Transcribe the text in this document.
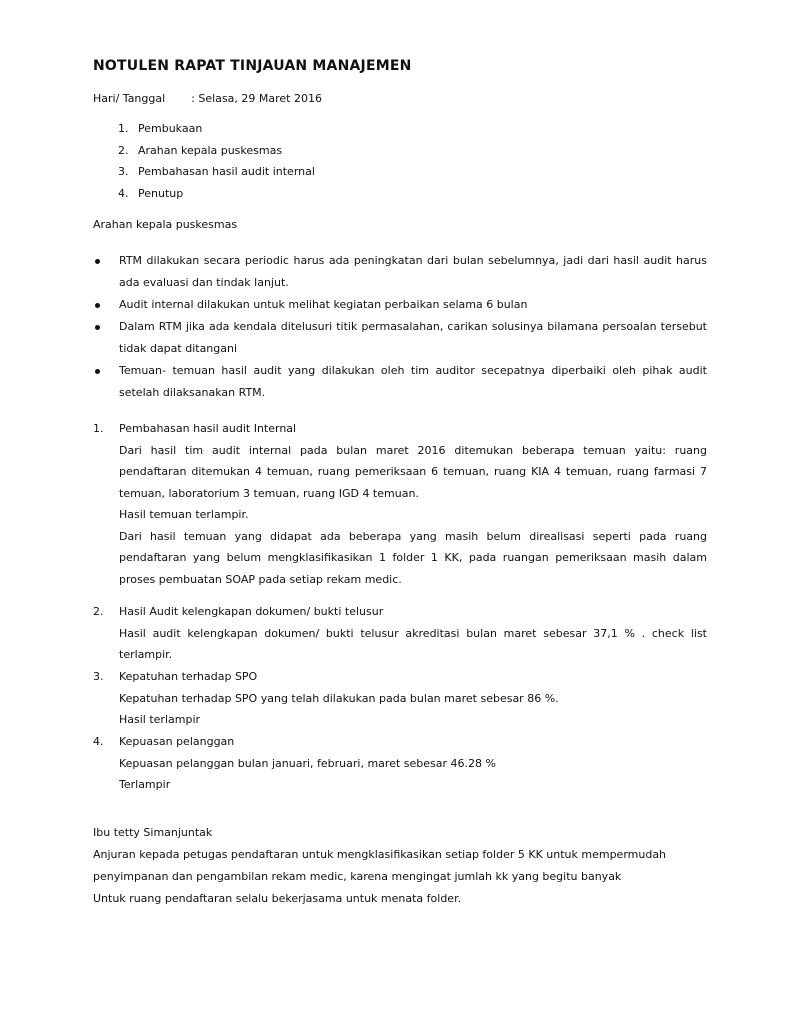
NOTULEN RAPAT TINJAUAN MANAJEMEN
Hari/ Tanggal : Selasa, 29 Maret 2016
1. Pembukaan
2. Arahan kepala puskesmas
3. Pembahasan hasil audit internal
4. Penutup
Arahan kepala puskesmas
RTM dilakukan secara periodic harus ada peningkatan dari bulan sebelumnya, jadi dari hasil audit harus ada evaluasi dan tindak lanjut.
Audit internal dilakukan untuk melihat kegiatan perbaikan selama 6 bulan
Dalam RTM jika ada kendala ditelusuri titik permasalahan, carikan solusinya bilamana persoalan tersebut tidak dapat ditangani
Temuan- temuan hasil audit yang dilakukan oleh tim auditor secepatnya diperbaiki oleh pihak audit setelah dilaksanakan RTM.
1. Pembahasan hasil audit Internal
Dari hasil tim audit internal pada bulan maret 2016 ditemukan beberapa temuan yaitu: ruang pendaftaran ditemukan 4 temuan, ruang pemeriksaan 6 temuan, ruang KIA 4 temuan, ruang farmasi 7 temuan, laboratorium 3 temuan, ruang IGD 4 temuan.
Hasil temuan terlampir.
Dari hasil temuan yang didapat ada beberapa yang masih belum direalisasi seperti pada ruang pendaftaran yang belum mengklasifikasikan 1 folder 1 KK, pada ruangan pemeriksaan masih dalam proses pembuatan SOAP pada setiap rekam medic.
2. Hasil Audit kelengkapan dokumen/ bukti telusur
Hasil audit kelengkapan dokumen/ bukti telusur akreditasi bulan maret sebesar 37,1 % . check list terlampir.
3. Kepatuhan terhadap SPO
Kepatuhan terhadap SPO yang telah dilakukan pada bulan maret sebesar 86 %.
Hasil terlampir
4. Kepuasan pelanggan
Kepuasan pelanggan bulan januari, februari, maret sebesar 46.28 %
Terlampir

Ibu tetty Simanjuntak

Anjuran kepada petugas pendaftaran untuk mengklasifikasikan setiap folder 5 KK untuk mempermudah penyimpanan dan pengambilan rekam medic, karena mengingat jumlah kk yang begitu banyak

Untuk ruang pendaftaran selalu bekerjasama untuk menata folder.
